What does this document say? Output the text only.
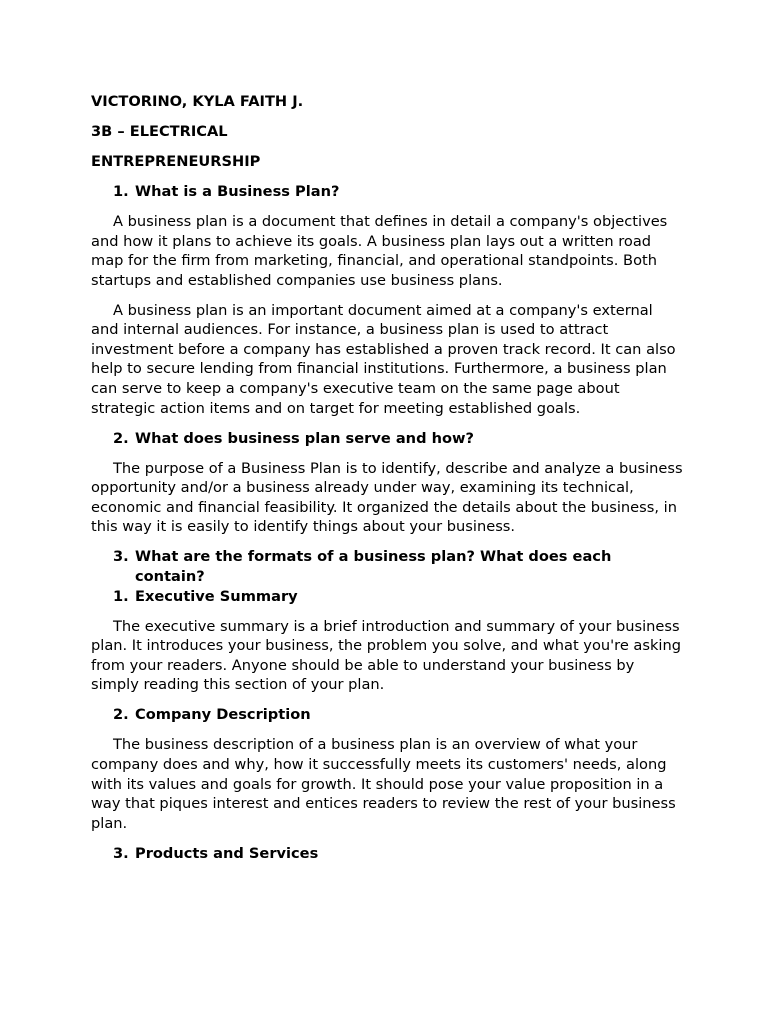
VICTORINO, KYLA FAITH J.
3B – ELECTRICAL
ENTREPRENEURSHIP
1. What is a Business Plan?

A business plan is a document that defines in detail a company's objectives and how it plans to achieve its goals. A business plan lays out a written road map for the firm from marketing, financial, and operational standpoints. Both startups and established companies use business plans.

A business plan is an important document aimed at a company's external and internal audiences. For instance, a business plan is used to attract investment before a company has established a proven track record. It can also help to secure lending from financial institutions. Furthermore, a business plan can serve to keep a company's executive team on the same page about strategic action items and on target for meeting established goals.

2. What does business plan serve and how?

The purpose of a Business Plan is to identify, describe and analyze a business opportunity and/or a business already under way, examining its technical, economic and financial feasibility. It organized the details about the business, in this way it is easily to identify things about your business.

3. What are the formats of a business plan? What does each contain?
1. Executive Summary

The executive summary is a brief introduction and summary of your business plan. It introduces your business, the problem you solve, and what you're asking from your readers. Anyone should be able to understand your business by simply reading this section of your plan.

2. Company Description

The business description of a business plan is an overview of what your company does and why, how it successfully meets its customers' needs, along with its values and goals for growth. It should pose your value proposition in a way that piques interest and entices readers to review the rest of your business plan.

3. Products and Services
